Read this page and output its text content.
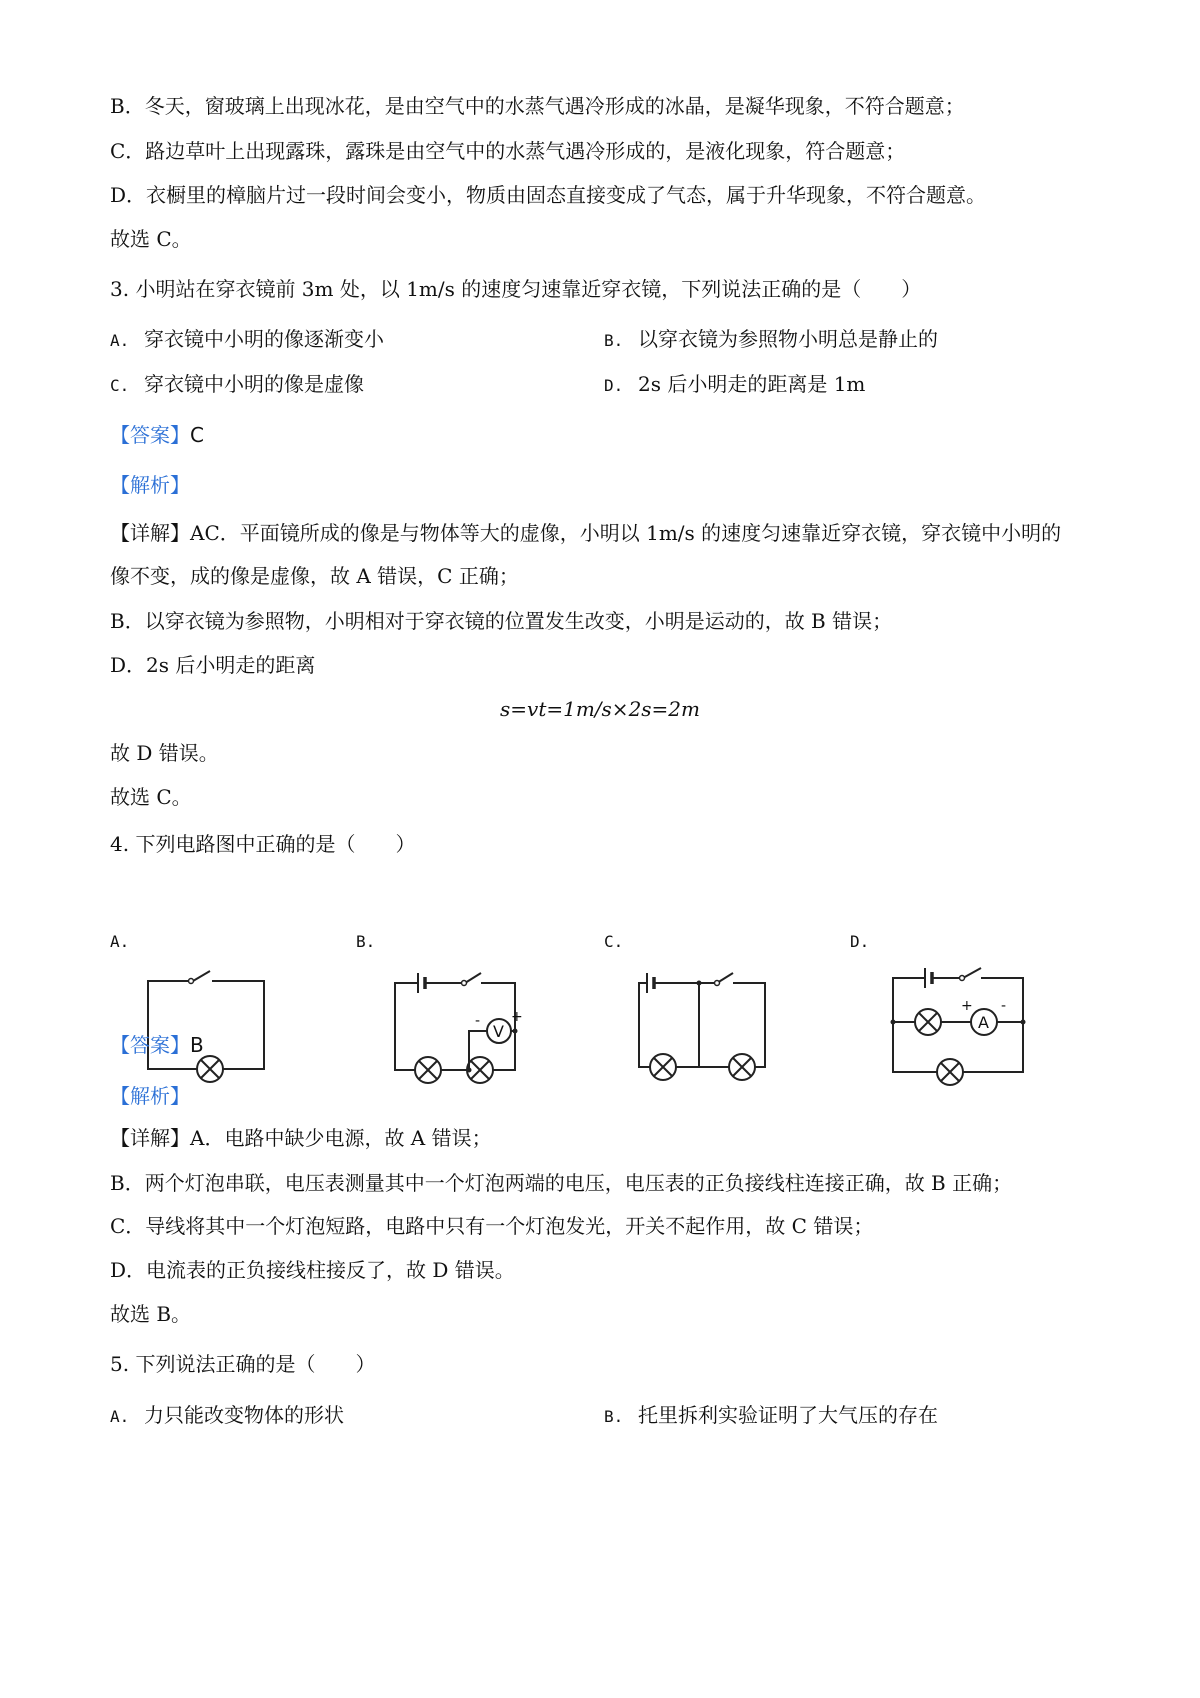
B．冬天，窗玻璃上出现冰花，是由空气中的水蒸气遇冷形成的冰晶，是凝华现象，不符合题意；
C．路边草叶上出现露珠，露珠是由空气中的水蒸气遇冷形成的，是液化现象，符合题意；
D．衣橱里的樟脑片过一段时间会变小，物质由固态直接变成了气态，属于升华现象，不符合题意。
故选 C。
3. 小明站在穿衣镜前 3m 处，以 1m/s 的速度匀速靠近穿衣镜，下列说法正确的是（　　）
A. 穿衣镜中小明的像逐渐变小	B. 以穿衣镜为参照物小明总是静止的
C. 穿衣镜中小明的像是虚像	D. 2s 后小明走的距离是 1m
【答案】C
【解析】
【详解】AC．平面镜所成的像是与物体等大的虚像，小明以 1m/s 的速度匀速靠近穿衣镜，穿衣镜中小明的
像不变，成的像是虚像，故 A 错误，C 正确；
B．以穿衣镜为参照物，小明相对于穿衣镜的位置发生改变，小明是运动的，故 B 错误；
D．2s 后小明走的距离
s=vt=1m/s×2s=2m
故 D 错误。
故选 C。
4. 下列电路图中正确的是（　　）
A.	B.	C.	D.
V
- +	A
+ -
【答案】B
【解析】
【详解】A．电路中缺少电源，故 A 错误；
B．两个灯泡串联，电压表测量其中一个灯泡两端的电压，电压表的正负接线柱连接正确，故 B 正确；
C．导线将其中一个灯泡短路，电路中只有一个灯泡发光，开关不起作用，故 C 错误；
D．电流表的正负接线柱接反了，故 D 错误。
故选 B。
5. 下列说法正确的是（　　）
A. 力只能改变物体的形状	B. 托里拆利实验证明了大气压的存在
